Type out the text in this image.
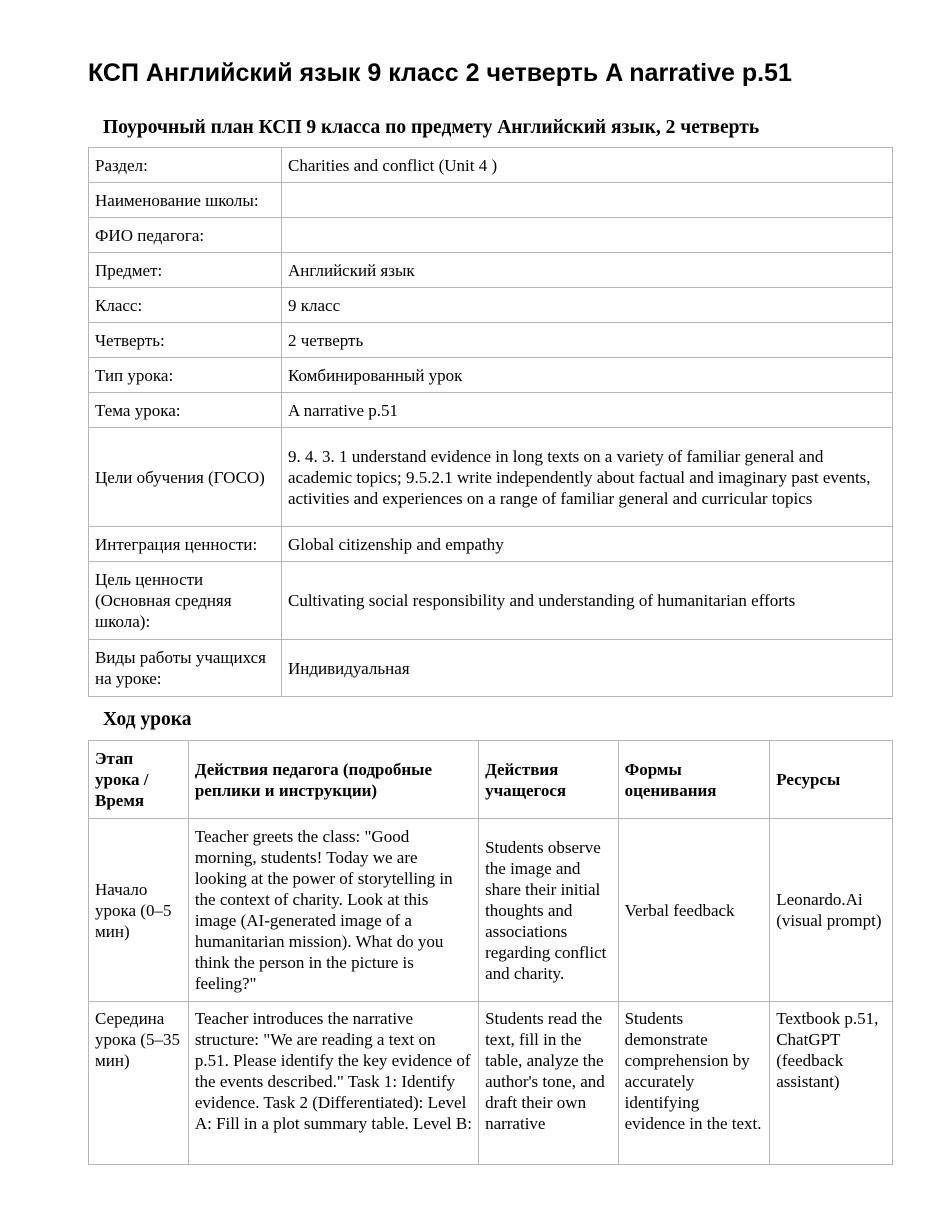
КСП Английский язык 9 класс 2 четверть A narrative p.51
Поурочный план КСП 9 класса по предмету Английский язык, 2 четверть
Раздел:	Charities and conflict (Unit 4 )
Наименование школы:	
ФИО педагога:	
Предмет:	Английский язык
Класс:	9 класс
Четверть:	2 четверть
Тип урока:	Комбинированный урок
Тема урока:	A narrative p.51
Цели обучения (ГОСО)	9. 4. 3. 1 understand evidence in long texts on a variety of familiar general and academic topics; 9.5.2.1 write independently about factual and imaginary past events, activities and experiences on a range of familiar general and curricular topics
Интеграция ценности:	Global citizenship and empathy
Цель ценности (Основная средняя школа):	Cultivating social responsibility and understanding of humanitarian efforts
Виды работы учащихся на уроке:	Индивидуальная
Ход урока
Этап урока / Время	Действия педагога (подробные реплики и инструкции)	Действия учащегося	Формы оценивания	Ресурсы
Начало урока (0–5 мин)	Teacher greets the class: "Good morning, students! Today we are looking at the power of storytelling in the context of charity. Look at this image (AI-generated image of a humanitarian mission). What do you think the person in the picture is feeling?"	Students observe the image and share their initial thoughts and associations regarding conflict and charity.	Verbal feedback	Leonardo.Ai (visual prompt)
Середина урока (5–35 мин)	Teacher introduces the narrative structure: "We are reading a text on p.51. Please identify the key evidence of the events described." Task 1: Identify evidence. Task 2 (Differentiated): Level A: Fill in a plot summary table. Level B:	Students read the text, fill in the table, analyze the author's tone, and draft their own narrative	Students demonstrate comprehension by accurately identifying evidence in the text.	Textbook p.51, ChatGPT (feedback assistant)
